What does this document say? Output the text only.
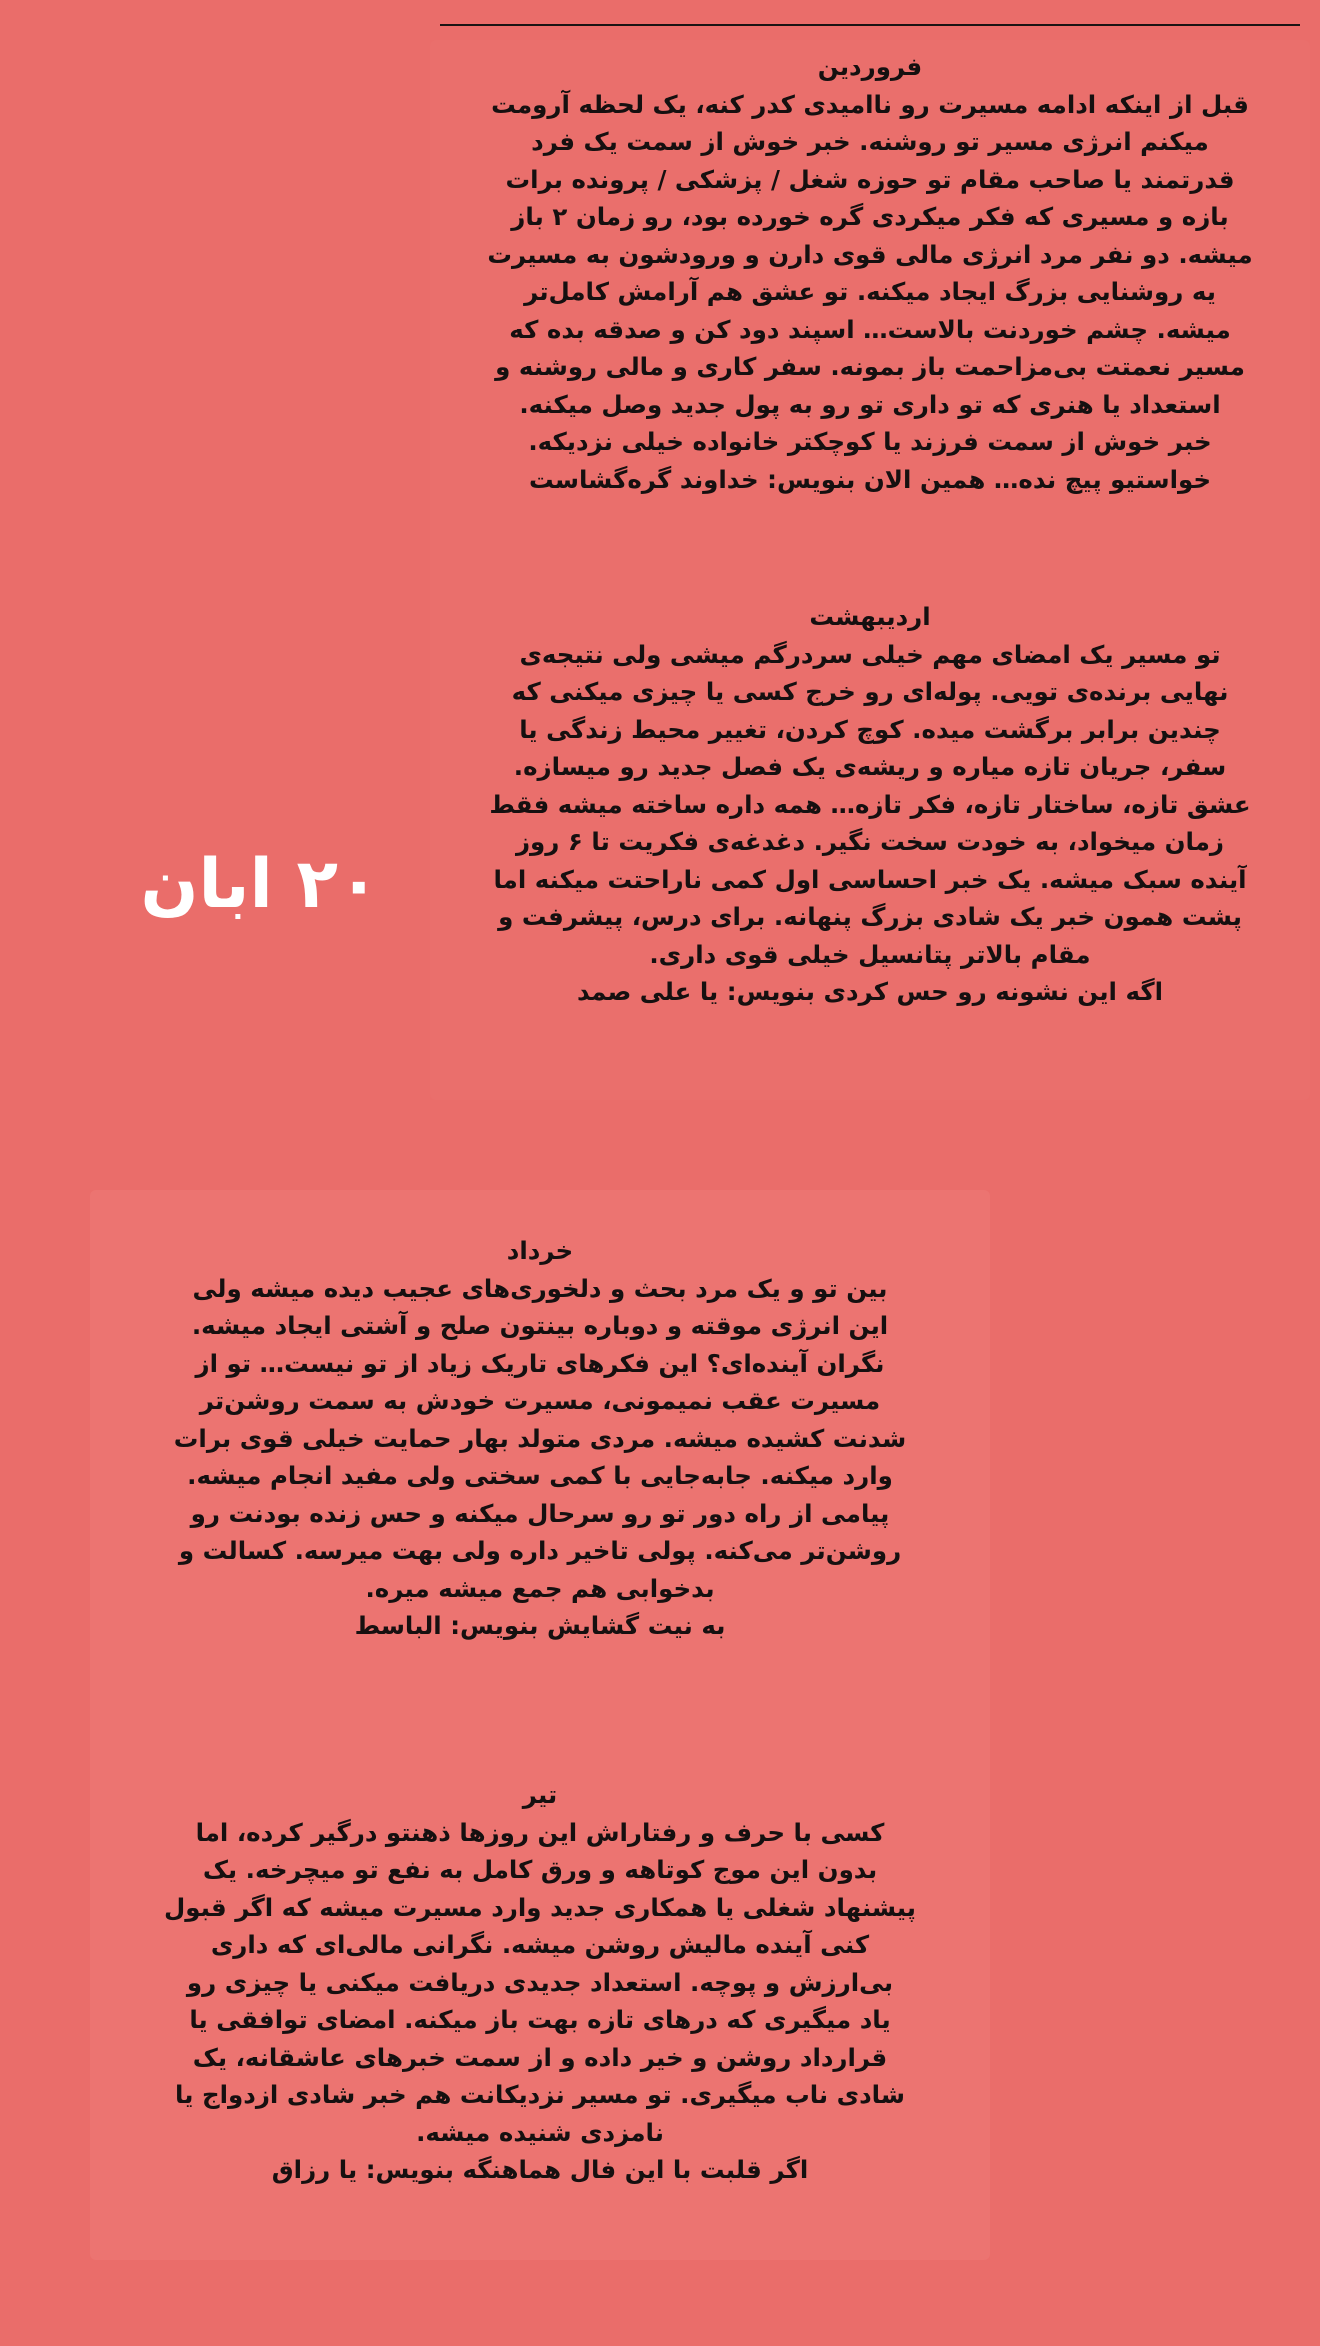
فروردین
قبل از اینکه ادامه مسیرت رو ناامیدی کدر کنه، یک لحظه آرومت
میکنم انرژی مسیر تو روشنه. خبر خوش از سمت یک فرد
قدرتمند یا صاحب مقام تو حوزه شغل / پزشکی / پرونده برات
بازه و مسیری که فکر میکردی گره خورده بود، رو زمان ۲ باز
میشه. دو نفر مرد انرژی مالی قوی دارن و ورودشون به مسیرت
یه روشنایی بزرگ ایجاد میکنه. تو عشق هم آرامش کامل‌تر
میشه. چشم خوردنت بالاست… اسپند دود کن و صدقه بده که
مسیر نعمتت بی‌مزاحمت باز بمونه. سفر کاری و مالی روشنه و
استعداد یا هنری که تو داری تو رو به پول جدید وصل میکنه.
خبر خوش از سمت فرزند یا کوچکتر خانواده خیلی نزدیکه.
خواستیو پیچ نده… همین الان بنویس: خداوند گره‌گشاست
اردیبهشت
تو مسیر یک امضای مهم خیلی سردرگم میشی ولی نتیجه‌ی
نهایی برنده‌ی تویی. پوله‌ای رو خرج کسی یا چیزی میکنی که
چندین برابر برگشت میده. کوچ کردن، تغییر محیط زندگی یا
سفر، جریان تازه میاره و ریشه‌ی یک فصل جدید رو میسازه.
عشق تازه، ساختار تازه، فکر تازه… همه داره ساخته میشه فقط
زمان میخواد، به خودت سخت نگیر. دغدغه‌ی فکریت تا ۶ روز
آینده سبک میشه. یک خبر احساسی اول کمی ناراحتت میکنه اما
پشت همون خبر یک شادی بزرگ پنهانه. برای درس، پیشرفت و
مقام بالاتر پتانسیل خیلی قوی داری.
اگه این نشونه رو حس کردی بنویس: یا علی صمد
۲۰ ابان
خرداد
بین تو و یک مرد بحث و دلخوری‌های عجیب دیده میشه ولی
این انرژی موقته و دوباره بینتون صلح و آشتی ایجاد میشه.
نگران آینده‌ای؟ این فکرهای تاریک زیاد از تو نیست… تو از
مسیرت عقب نمیمونی، مسیرت خودش به سمت روشن‌تر
شدنت کشیده میشه. مردی متولد بهار حمایت خیلی قوی برات
وارد میکنه. جابه‌جایی با کمی سختی ولی مفید انجام میشه.
پیامی از راه دور تو رو سرحال میکنه و حس زنده بودنت رو
روشن‌تر می‌کنه. پولی تاخیر داره ولی بهت میرسه. کسالت و
بدخوابی هم جمع میشه میره.
به نیت گشایش بنویس: الباسط
تیر
کسی با حرف و رفتاراش این روزها ذهنتو درگیر کرده، اما
بدون این موج کوتاهه و ورق کامل به نفع تو میچرخه. یک
پیشنهاد شغلی یا همکاری جدید وارد مسیرت میشه که اگر قبول
کنی آینده مالیش روشن میشه. نگرانی مالی‌ای که داری
بی‌ارزش و پوچه. استعداد جدیدی دریافت میکنی یا چیزی رو
یاد میگیری که درهای تازه بهت باز میکنه. امضای توافقی یا
قرارداد روشن و خیر داده و از سمت خبرهای عاشقانه، یک
شادی ناب میگیری. تو مسیر نزدیکانت هم خبر شادی ازدواج یا
نامزدی شنیده میشه.
اگر قلبت با این فال هماهنگه بنویس: یا رزاق
